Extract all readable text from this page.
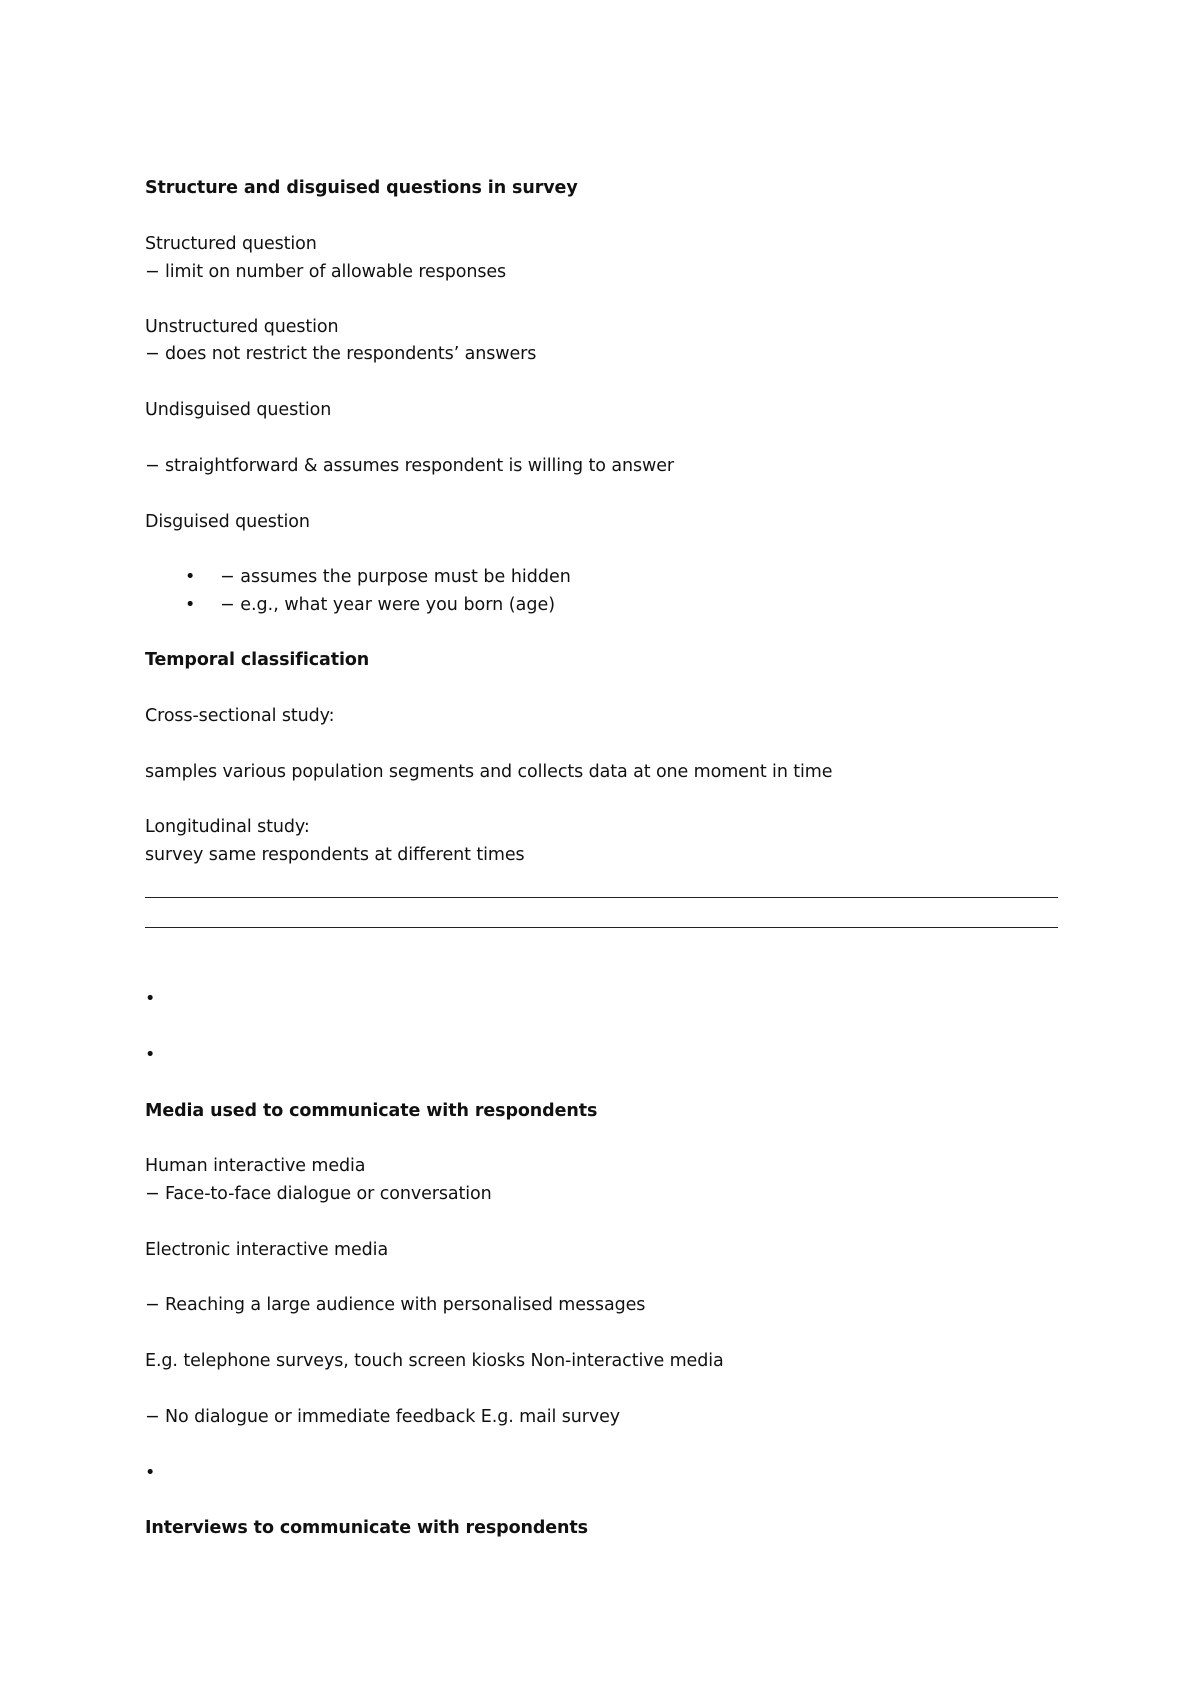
Structure and disguised questions in survey
Structured question
− limit on number of allowable responses
Unstructured question
− does not restrict the respondents’ answers
Undisguised question
− straightforward & assumes respondent is willing to answer
Disguised question
• − assumes the purpose must be hidden
• − e.g., what year were you born (age)
Temporal classification
Cross-sectional study:
samples various population segments and collects data at one moment in time
Longitudinal study:
survey same respondents at different times
•
•
Media used to communicate with respondents
Human interactive media
− Face-to-face dialogue or conversation
Electronic interactive media
− Reaching a large audience with personalised messages
E.g. telephone surveys, touch screen kiosks Non-interactive media
− No dialogue or immediate feedback E.g. mail survey
•
Interviews to communicate with respondents
